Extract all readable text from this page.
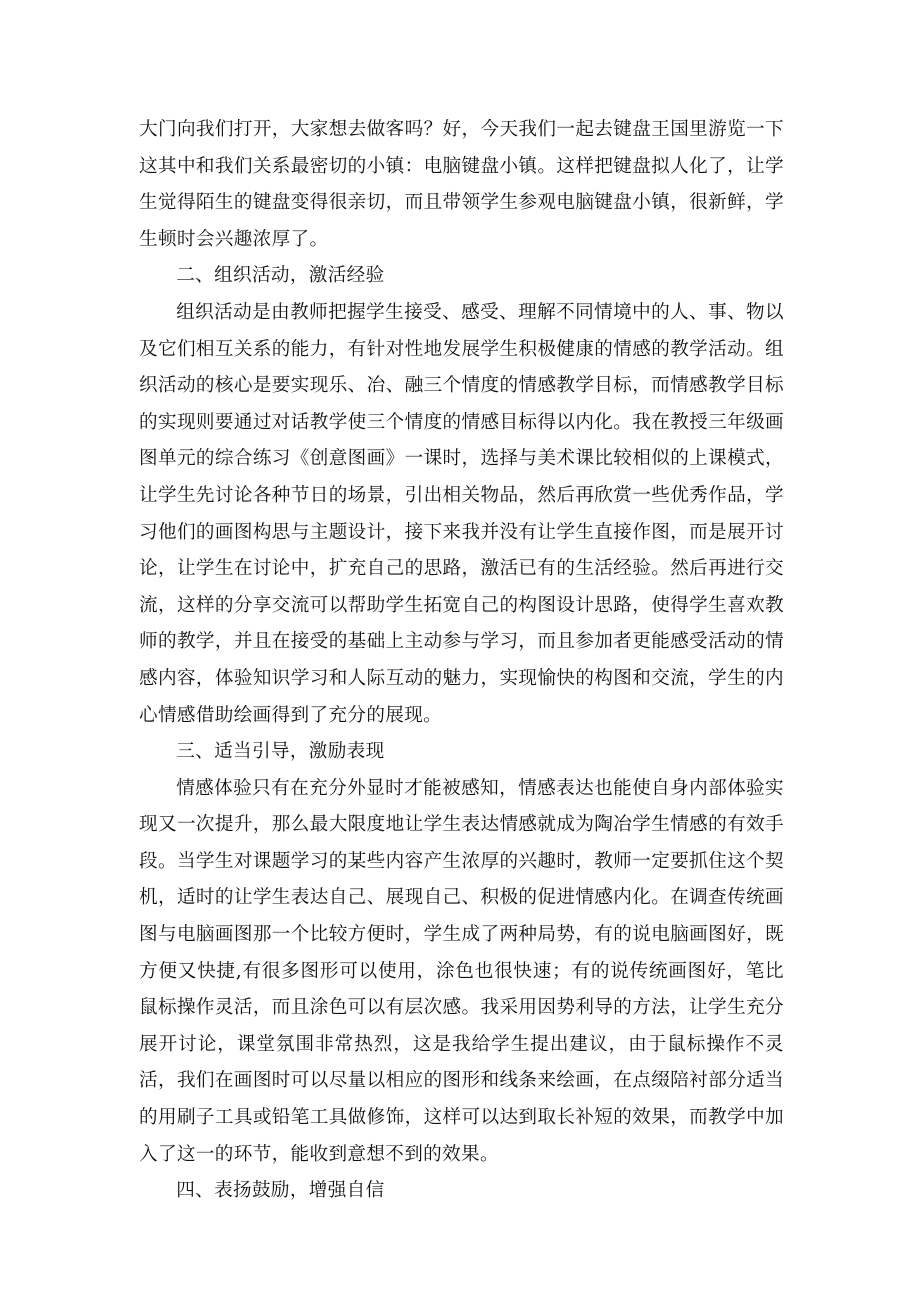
大门向我们打开，大家想去做客吗？好，今天我们一起去键盘王国里游览一下这其中和我们关系最密切的小镇：电脑键盘小镇。这样把键盘拟人化了，让学生觉得陌生的键盘变得很亲切，而且带领学生参观电脑键盘小镇，很新鲜，学生顿时会兴趣浓厚了。

二、组织活动，激活经验

组织活动是由教师把握学生接受、感受、理解不同情境中的人、事、物以及它们相互关系的能力，有针对性地发展学生积极健康的情感的教学活动。组织活动的核心是要实现乐、冶、融三个情度的情感教学目标，而情感教学目标的实现则要通过对话教学使三个情度的情感目标得以内化。我在教授三年级画图单元的综合练习《创意图画》一课时，选择与美术课比较相似的上课模式，让学生先讨论各种节日的场景，引出相关物品，然后再欣赏一些优秀作品，学习他们的画图构思与主题设计，接下来我并没有让学生直接作图，而是展开讨论，让学生在讨论中，扩充自己的思路，激活已有的生活经验。然后再进行交流，这样的分享交流可以帮助学生拓宽自己的构图设计思路，使得学生喜欢教师的教学，并且在接受的基础上主动参与学习，而且参加者更能感受活动的情感内容，体验知识学习和人际互动的魅力，实现愉快的构图和交流，学生的内心情感借助绘画得到了充分的展现。

三、适当引导，激励表现

情感体验只有在充分外显时才能被感知，情感表达也能使自身内部体验实现又一次提升，那么最大限度地让学生表达情感就成为陶冶学生情感的有效手段。当学生对课题学习的某些内容产生浓厚的兴趣时，教师一定要抓住这个契机，适时的让学生表达自己、展现自己、积极的促进情感内化。在调查传统画图与电脑画图那一个比较方便时，学生成了两种局势，有的说电脑画图好，既方便又快捷,有很多图形可以使用，涂色也很快速；有的说传统画图好，笔比鼠标操作灵活，而且涂色可以有层次感。我采用因势利导的方法，让学生充分展开讨论，课堂氛围非常热烈，这是我给学生提出建议，由于鼠标操作不灵活，我们在画图时可以尽量以相应的图形和线条来绘画，在点缀陪衬部分适当的用刷子工具或铅笔工具做修饰，这样可以达到取长补短的效果，而教学中加入了这一的环节，能收到意想不到的效果。

四、表扬鼓励，增强自信
